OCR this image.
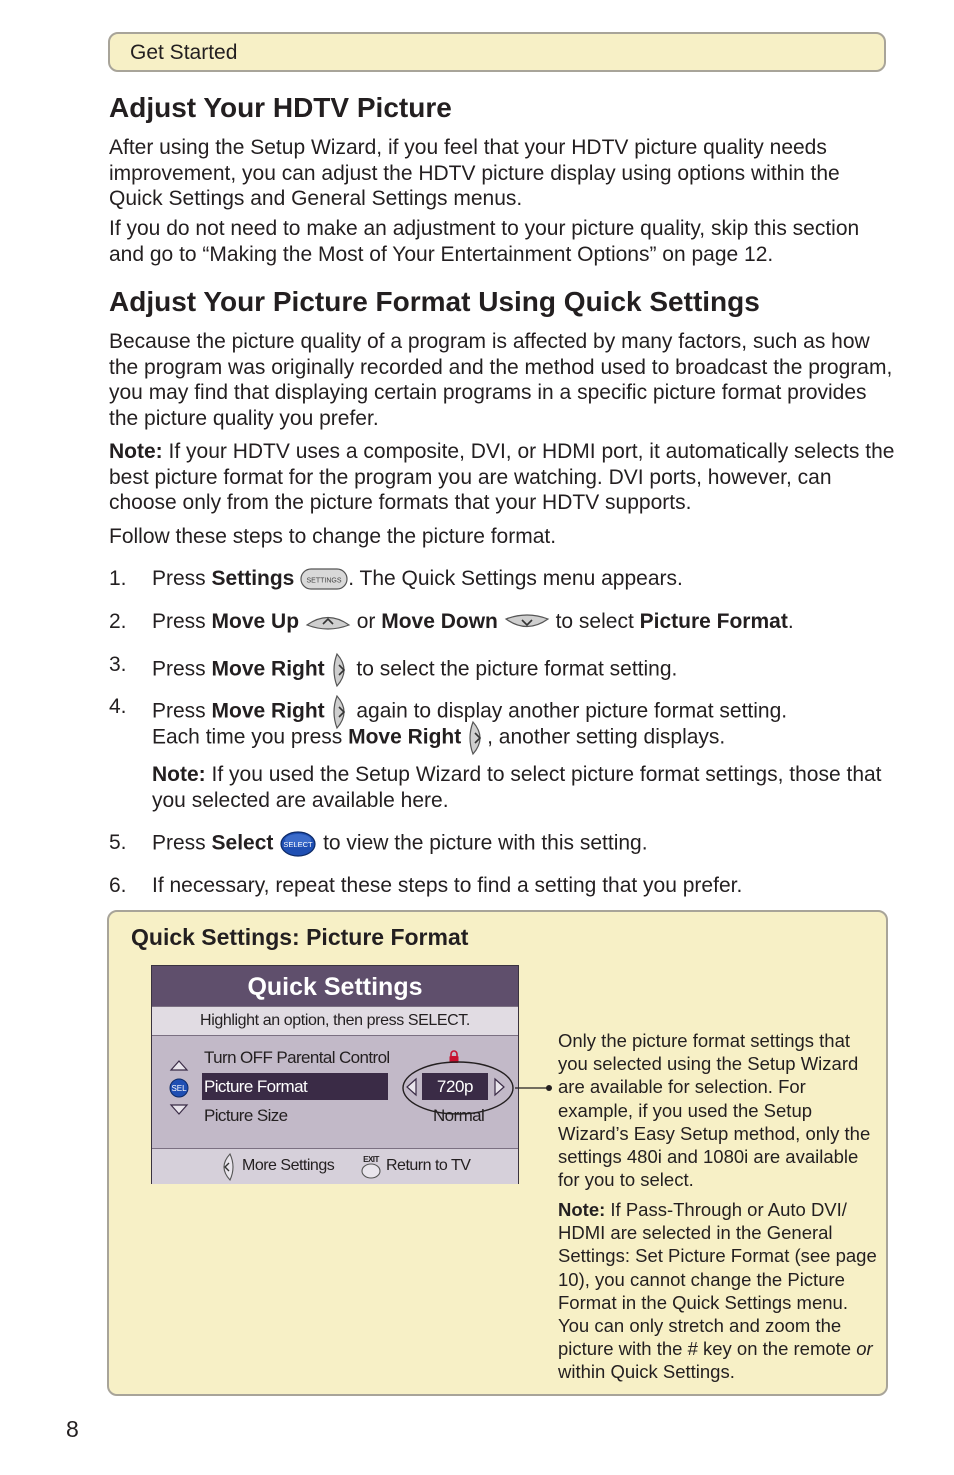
Get Started
Adjust Your HDTV Picture

After using the Setup Wizard, if you feel that your HDTV picture quality needs improvement, you can adjust the HDTV picture display using options within the Quick Settings and General Settings menus.

If you do not need to make an adjustment to your picture quality, skip this section and go to “Making the Most of Your Entertainment Options” on page 12.

Adjust Your Picture Format Using Quick Settings

Because the picture quality of a program is affected by many factors, such as how the program was originally recorded and the method used to broadcast the program, you may find that displaying certain programs in a specific picture format provides the picture quality you prefer.

Note: If your HDTV uses a composite, DVI, or HDMI port, it automatically selects the best picture format for the program you are watching. DVI ports, however, can choose only from the picture formats that your HDTV supports.

Follow these steps to change the picture format.

1. Press Settings SETTINGS . The Quick Settings menu appears.
2. Press Move Up
or Move Down
to select Picture Format.
3. Press Move Right
to select the picture format setting.
4. Press Move Right
again to display another picture format setting.
Each time you press Move Right , another setting displays.

Note: If you used the Setup Wizard to select picture format settings, those that you selected are available here.

5. Press Select SELECT to view the picture with this setting.
6. If necessary, repeat these steps to find a setting that you prefer.

Quick Settings: Picture Format

Quick Settings
Highlight an option, then press SELECT.
SEL
Turn OFF Parental Control
Picture Format
Picture Size
720p
Normal
More Settings	EXIT Return to TV

Only the picture format settings that you selected using the Setup Wizard are available for selection. For example, if you used the Setup Wizard’s Easy Setup method, only the settings 480i and 1080i are available for you to select.

Note: If Pass-Through or Auto DVI/ HDMI are selected in the General Settings: Set Picture Format (see page 10), you cannot change the Picture Format in the Quick Settings menu. You can only stretch and zoom the picture with the # key on the remote or within Quick Settings.

8
